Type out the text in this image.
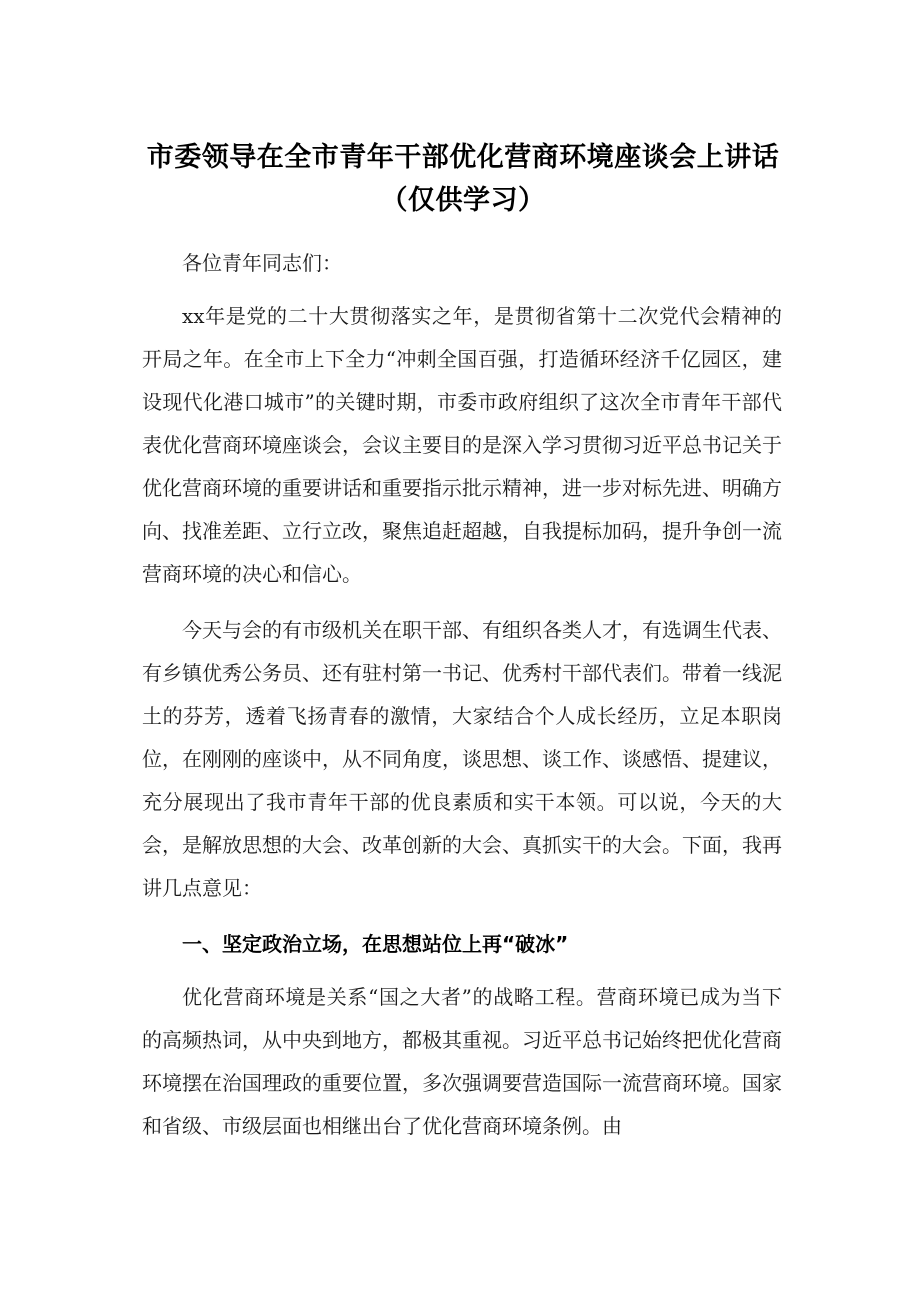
市委领导在全市青年干部优化营商环境座谈会上讲话（仅供学习）

各位青年同志们：

xx年是党的二十大贯彻落实之年，是贯彻省第十二次党代会精神的开局之年。在全市上下全力“冲刺全国百强，打造循环经济千亿园区，建设现代化港口城市”的关键时期，市委市政府组织了这次全市青年干部代表优化营商环境座谈会，会议主要目的是深入学习贯彻习近平总书记关于优化营商环境的重要讲话和重要指示批示精神，进一步对标先进、明确方向、找准差距、立行立改，聚焦追赶超越，自我提标加码，提升争创一流营商环境的决心和信心。

今天与会的有市级机关在职干部、有组织各类人才，有选调生代表、有乡镇优秀公务员、还有驻村第一书记、优秀村干部代表们。带着一线泥土的芬芳，透着飞扬青春的激情，大家结合个人成长经历，立足本职岗位，在刚刚的座谈中，从不同角度，谈思想、谈工作、谈感悟、提建议，充分展现出了我市青年干部的优良素质和实干本领。可以说，今天的大会，是解放思想的大会、改革创新的大会、真抓实干的大会。下面，我再讲几点意见：

一、坚定政治立场，在思想站位上再“破冰”

优化营商环境是关系“国之大者”的战略工程。营商环境已成为当下的高频热词，从中央到地方，都极其重视。习近平总书记始终把优化营商环境摆在治国理政的重要位置，多次强调要营造国际一流营商环境。国家和省级、市级层面也相继出台了优化营商环境条例。由
